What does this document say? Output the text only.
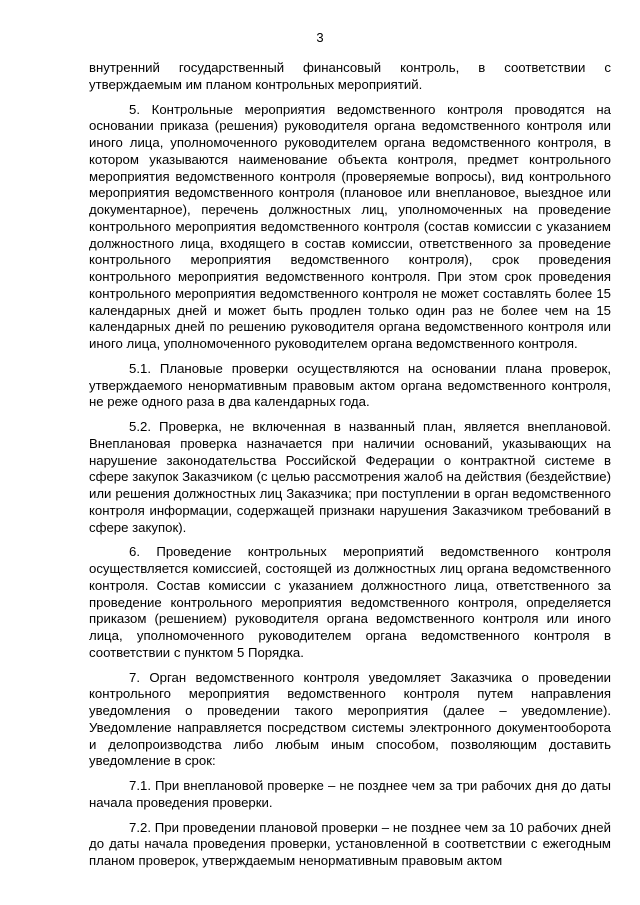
3

внутренний государственный финансовый контроль, в соответствии с утверждаемым им планом контрольных мероприятий.

5. Контрольные мероприятия ведомственного контроля проводятся на основании приказа (решения) руководителя органа ведомственного контроля или иного лица, уполномоченного руководителем органа ведомственного контроля, в котором указываются наименование объекта контроля, предмет контрольного мероприятия ведомственного контроля (проверяемые вопросы), вид контрольного мероприятия ведомственного контроля (плановое или внеплановое, выездное или документарное), перечень должностных лиц, уполномоченных на проведение контрольного мероприятия ведомственного контроля (состав комиссии с указанием должностного лица, входящего в состав комиссии, ответственного за проведение контрольного мероприятия ведомственного контроля), срок проведения контрольного мероприятия ведомственного контроля. При этом срок проведения контрольного мероприятия ведомственного контроля не может составлять более 15 календарных дней и может быть продлен только один раз не более чем на 15 календарных дней по решению руководителя органа ведомственного контроля или иного лица, уполномоченного руководителем органа ведомственного контроля.

5.1. Плановые проверки осуществляются на основании плана проверок, утверждаемого ненормативным правовым актом органа ведомственного контроля, не реже одного раза в два календарных года.

5.2. Проверка, не включенная в названный план, является внеплановой. Внеплановая проверка назначается при наличии оснований, указывающих на нарушение законодательства Российской Федерации о контрактной системе в сфере закупок Заказчиком (с целью рассмотрения жалоб на действия (бездействие) или решения должностных лиц Заказчика; при поступлении в орган ведомственного контроля информации, содержащей признаки нарушения Заказчиком требований в сфере закупок).

6. Проведение контрольных мероприятий ведомственного контроля осуществляется комиссией, состоящей из должностных лиц органа ведомственного контроля. Состав комиссии с указанием должностного лица, ответственного за проведение контрольного мероприятия ведомственного контроля, определяется приказом (решением) руководителя органа ведомственного контроля или иного лица, уполномоченного руководителем органа ведомственного контроля в соответствии с пунктом 5 Порядка.

7. Орган ведомственного контроля уведомляет Заказчика о проведении контрольного мероприятия ведомственного контроля путем направления уведомления о проведении такого мероприятия (далее – уведомление). Уведомление направляется посредством системы электронного документооборота и делопроизводства либо любым иным способом, позволяющим доставить уведомление в срок:

7.1. При внеплановой проверке – не позднее чем за три рабочих дня до даты начала проведения проверки.

7.2. При проведении плановой проверки – не позднее чем за 10 рабочих дней до даты начала проведения проверки, установленной в соответствии с ежегодным планом проверок, утверждаемым ненормативным правовым актом
